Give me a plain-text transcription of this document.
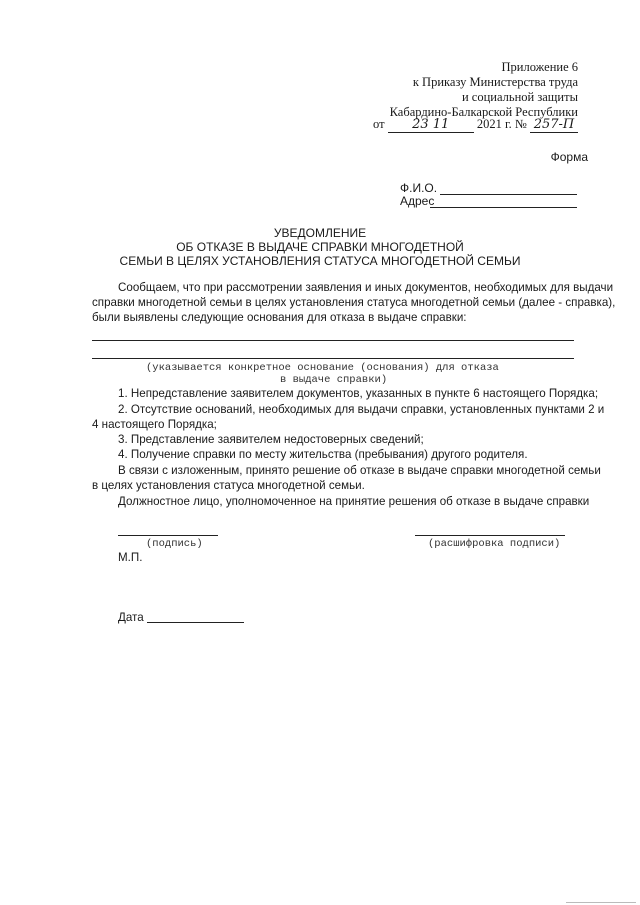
Приложение 6
к Приказу Министерства труда
и социальной защиты
Кабардино-Балкарской Республики
от 23 11 2021 г. № 257-П
Форма
Ф.И.О.
Адрес
УВЕДОМЛЕНИЕ
ОБ ОТКАЗЕ В ВЫДАЧЕ СПРАВКИ МНОГОДЕТНОЙ
СЕМЬИ В ЦЕЛЯХ УСТАНОВЛЕНИЯ СТАТУСА МНОГОДЕТНОЙ СЕМЬИ
Сообщаем, что при рассмотрении заявления и иных документов, необходимых для выдачи
справки многодетной семьи в целях установления статуса многодетной семьи (далее - справка),
были выявлены следующие основания для отказа в выдаче справки:
(указывается конкретное основание (основания) для отказа
в выдаче справки)
1. Непредставление заявителем документов, указанных в пункте 6 настоящего Порядка;
2. Отсутствие оснований, необходимых для выдачи справки, установленных пунктами 2 и
4 настоящего Порядка;
3. Представление заявителем недостоверных сведений;
4. Получение справки по месту жительства (пребывания) другого родителя.
В связи с изложенным, принято решение об отказе в выдаче справки многодетной семьи
в целях установления статуса многодетной семьи.
Должностное лицо, уполномоченное на принятие решения об отказе в выдаче справки
(подпись)	(расшифровка подписи)
М.П.
Дата
